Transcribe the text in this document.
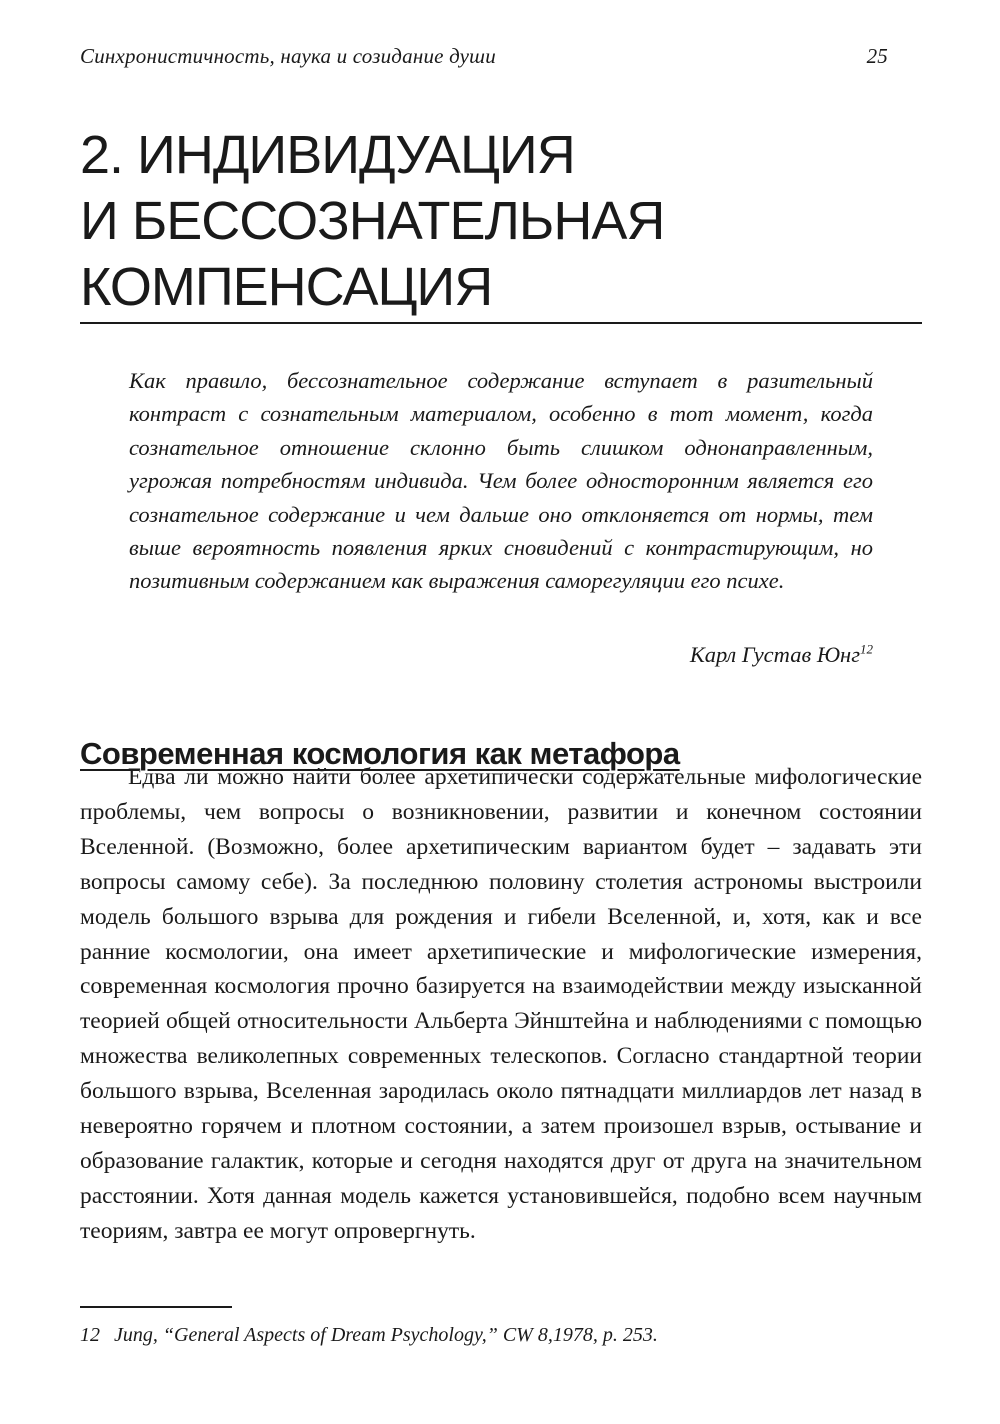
Синхронистичность, наука и созидание души	25
2. ИНДИВИДУАЦИЯ
И БЕССОЗНАТЕЛЬНАЯ
КОМПЕНСАЦИЯ

Как правило, бессознательное содержание вступает в разительный контраст с сознательным материалом, особенно в тот момент, когда сознательное отношение склонно быть слишком однонаправленным, угрожая потребностям индивида. Чем более односторонним является его сознательное содержание и чем дальше оно отклоняется от нормы, тем выше вероятность появления ярких сновидений с контрастирующим, но позитивным содержанием как выражения саморегуляции его психе.

Карл Густав Юнг$^{12}$
Современная космология как метафора

Едва ли можно найти более архетипически содержательные мифологические проблемы, чем вопросы о возникновении, развитии и конечном состоянии Вселенной. (Возможно, более архетипическим вариантом будет – задавать эти вопросы самому себе). За последнюю половину столетия астрономы выстроили модель большого взрыва для рождения и гибели Вселенной, и, хотя, как и все ранние космологии, она имеет архетипические и мифологические измерения, современная космология прочно базируется на взаимодействии между изысканной теорией общей относительности Альберта Эйнштейна и наблюдениями с помощью множества великолепных современных телескопов. Согласно стандартной теории большого взрыва, Вселенная зародилась около пятнадцати миллиардов лет назад в невероятно горячем и плотном состоянии, а затем произошел взрыв, остывание и образование галактик, которые и сегодня находятся друг от друга на значительном расстоянии. Хотя данная модель кажется установившейся, подобно всем научным теориям, завтра ее могут опровергнуть.

12 Jung, “General Aspects of Dream Psychology,” CW 8,1978, p. 253.
